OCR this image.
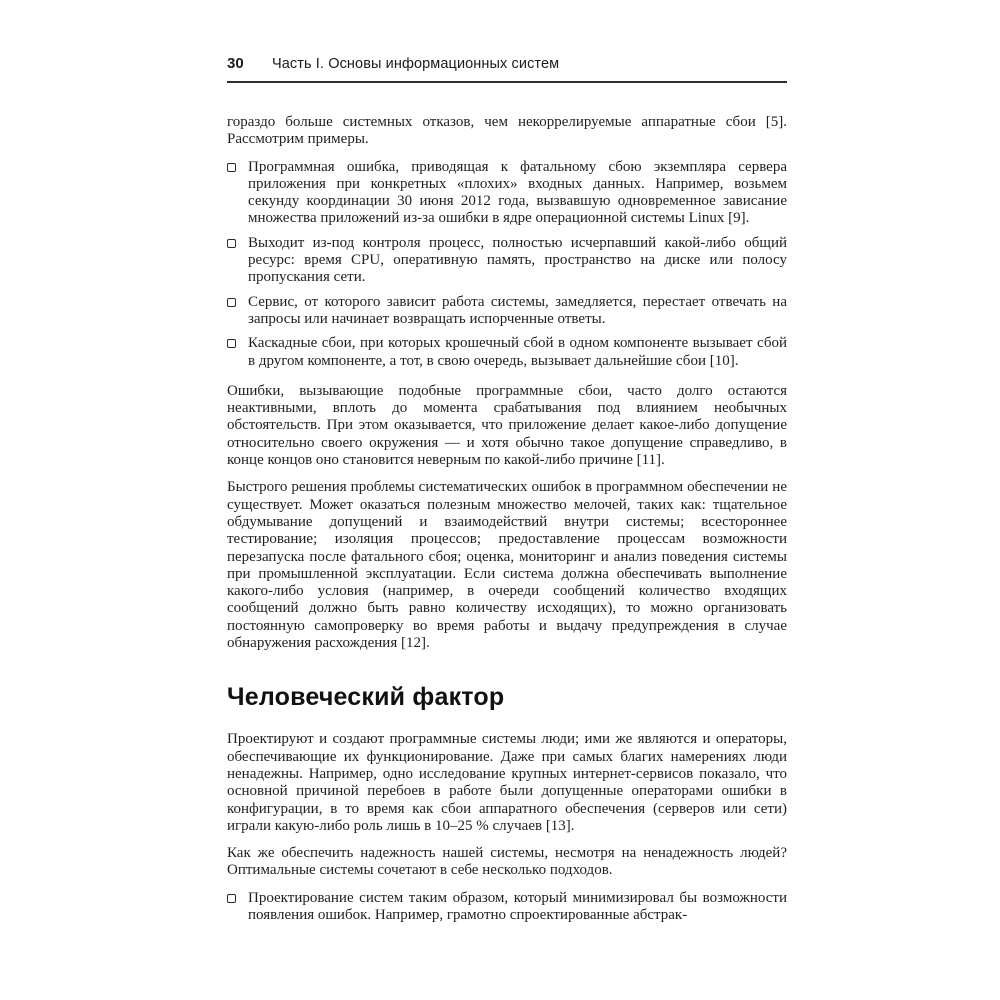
30	Часть I. Основы информационных систем

гораздо больше системных отказов, чем некоррелируемые аппаратные сбои [5]. Рассмотрим примеры.

Программная ошибка, приводящая к фатальному сбою экземпляра сервера приложения при конкретных «плохих» входных данных. Например, возьмем секунду координации 30 июня 2012 года, вызвавшую одновременное зависание множества приложений из-за ошибки в ядре операционной системы Linux [9].
Выходит из-под контроля процесс, полностью исчерпавший какой-либо общий ресурс: время CPU, оперативную память, пространство на диске или полосу пропускания сети.
Сервис, от которого зависит работа системы, замедляется, перестает отвечать на запросы или начинает возвращать испорченные ответы.
Каскадные сбои, при которых крошечный сбой в одном компоненте вызывает сбой в другом компоненте, а тот, в свою очередь, вызывает дальнейшие сбои [10].

Ошибки, вызывающие подобные программные сбои, часто долго остаются неактивными, вплоть до момента срабатывания под влиянием необычных обстоятельств. При этом оказывается, что приложение делает какое-либо допущение относительно своего окружения — и хотя обычно такое допущение справедливо, в конце концов оно становится неверным по какой-либо причине [11].

Быстрого решения проблемы систематических ошибок в программном обеспечении не существует. Может оказаться полезным множество мелочей, таких как: тщательное обдумывание допущений и взаимодействий внутри системы; всестороннее тестирование; изоляция процессов; предоставление процессам возможности перезапуска после фатального сбоя; оценка, мониторинг и анализ поведения системы при промышленной эксплуатации. Если система должна обеспечивать выполнение какого-либо условия (например, в очереди сообщений количество входящих сообщений должно быть равно количеству исходящих), то можно организовать постоянную самопроверку во время работы и выдачу предупреждения в случае обнаружения расхождения [12].

Человеческий фактор

Проектируют и создают программные системы люди; ими же являются и операторы, обеспечивающие их функционирование. Даже при самых благих намерениях люди ненадежны. Например, одно исследование крупных интернет-сервисов показало, что основной причиной перебоев в работе были допущенные операторами ошибки в конфигурации, в то время как сбои аппаратного обеспечения (серверов или сети) играли какую-либо роль лишь в 10–25 % случаев [13].

Как же обеспечить надежность нашей системы, несмотря на ненадежность людей? Оптимальные системы сочетают в себе несколько подходов.

Проектирование систем таким образом, который минимизировал бы возможности появления ошибок. Например, грамотно спроектированные абстрак-
